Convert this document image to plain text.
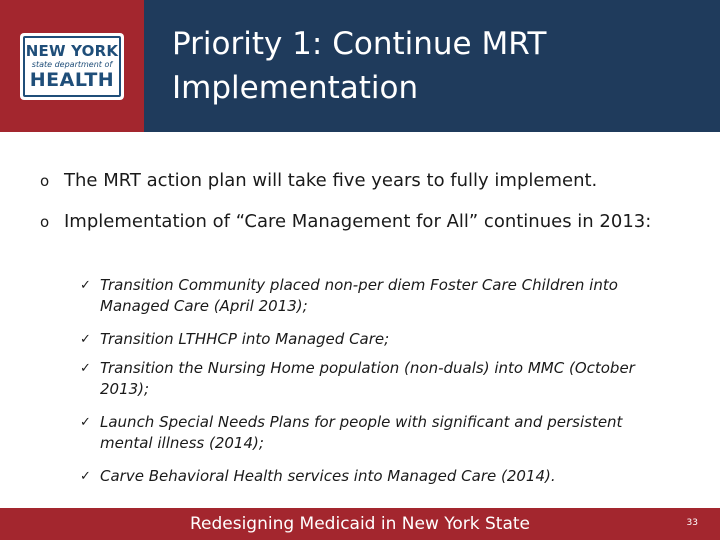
NEW YORK
state department of
HEALTH
Priority 1: Continue MRT Implementation
o The MRT action plan will take five years to fully implement.
o Implementation of “Care Management for All” continues in 2013:
✓ Transition Community placed non-per diem Foster Care Children into Managed Care (April 2013);
✓ Transition LTHHCP into Managed Care;
✓ Transition the Nursing Home population (non-duals) into MMC (October 2013);
✓ Launch Special Needs Plans for people with significant and persistent mental illness (2014);
✓ Carve Behavioral Health services into Managed Care (2014).
Redesigning Medicaid in New York State	33
